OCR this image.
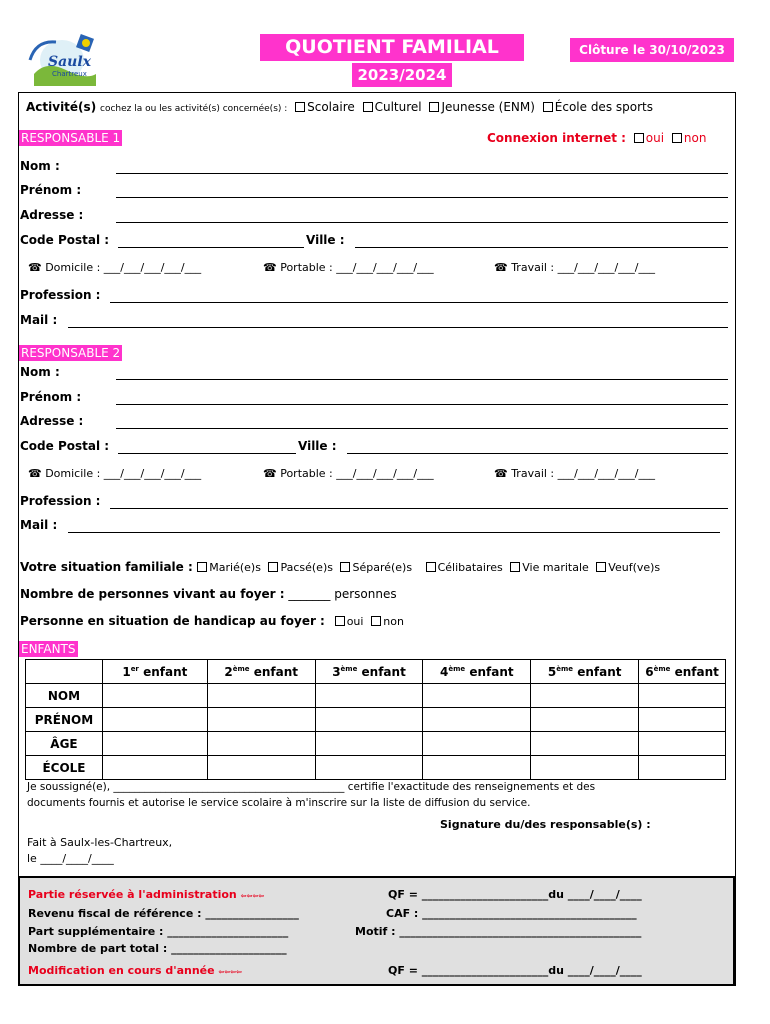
Saulx
Chartreux
QUOTIENT FAMILIAL
2023/2024
Clôture le 30/10/2023
Activité(s) cochez la ou les activité(s) concernée(s) : Scolaire Culturel Jeunesse (ENM) École des sports
RESPONSABLE 1	Connexion internet : oui non
Nom :
Prénom :
Adresse :
Code Postal :	Ville :
☎ Domicile : ___/___/___/___/___	☎ Portable : ___/___/___/___/___	☎ Travail : ___/___/___/___/___
Profession :
Mail :
RESPONSABLE 2
Nom :
Prénom :
Adresse :
Code Postal :	Ville :
☎ Domicile : ___/___/___/___/___	☎ Portable : ___/___/___/___/___	☎ Travail : ___/___/___/___/___
Profession :
Mail :
Votre situation familiale : Marié(e)s Pacsé(e)s Séparé(e)s Célibataires Vie maritale Veuf(ve)s
Nombre de personnes vivant au foyer : _______ personnes
Personne en situation de handicap au foyer : oui non
ENFANTS
	1er enfant	2ème enfant	3ème enfant	4ème enfant	5ème enfant	6ème enfant
NOM						
PRÉNOM						
ÂGE						
ÉCOLE						
Je soussigné(e), ____________________________________________ certifie l'exactitude des renseignements et des
documents fournis et autorise le service scolaire à m'inscrire sur la liste de diffusion du service.
Signature du/des responsable(s) :
Fait à Saulx-les-Chartreux,
le ____/____/____
Partie réservée à l'administration ⇦⇦⇦⇦
Revenu fiscal de référence : _________________
Part supplémentaire : ______________________
Nombre de part total : _____________________
Modification en cours d'année ⇦⇦⇦⇦
QF = _______________________du ____/____/____
CAF : _______________________________________
Motif : ____________________________________________
QF = _______________________du ____/____/____
